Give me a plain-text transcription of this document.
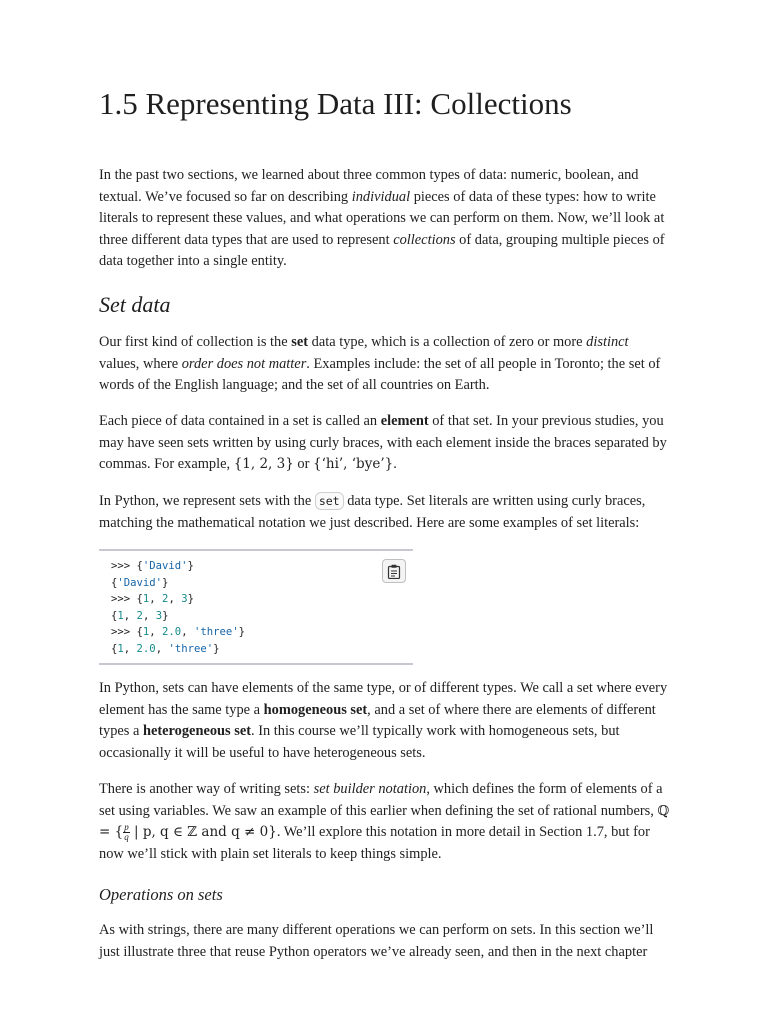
1.5 Representing Data III: Collections

In the past two sections, we learned about three common types of data: numeric, boolean, and textual. We’ve focused so far on describing individual pieces of data of these types: how to write literals to represent these values, and what operations we can perform on them. Now, we’ll look at three different data types that are used to represent collections of data, grouping multiple pieces of data together into a single entity.

Set data

Our first kind of collection is the set data type, which is a collection of zero or more distinct values, where order does not matter. Examples include: the set of all people in Toronto; the set of words of the English language; and the set of all countries on Earth.

Each piece of data contained in a set is called an element of that set. In your previous studies, you may have seen sets written by using curly braces, with each element inside the braces separated by commas. For example, {1, 2, 3} or {‘hi’, ‘bye’}.

In Python, we represent sets with the set data type. Set literals are written using curly braces, matching the mathematical notation we just described. Here are some examples of set literals:

>>> {'David'}
{'David'}
>>> {1, 2, 3}
{1, 2, 3}
>>> {1, 2.0, 'three'}
{1, 2.0, 'three'}

In Python, sets can have elements of the same type, or of different types. We call a set where every element has the same type a homogeneous set, and a set of where there are elements of different types a heterogeneous set. In this course we’ll typically work with homogeneous sets, but occasionally it will be useful to have heterogeneous sets.

There is another way of writing sets: set builder notation, which defines the form of elements of a set using variables. We saw an example of this earlier when defining the set of rational numbers, ℚ = { $\frac{p}{q}$ | p, q ∈ ℤ and q ≠ 0}. We’ll explore this notation in more detail in Section 1.7, but for now we’ll stick with plain set literals to keep things simple.

Operations on sets

As with strings, there are many different operations we can perform on sets. In this section we’ll just illustrate three that reuse Python operators we’ve already seen, and then in the next chapter
